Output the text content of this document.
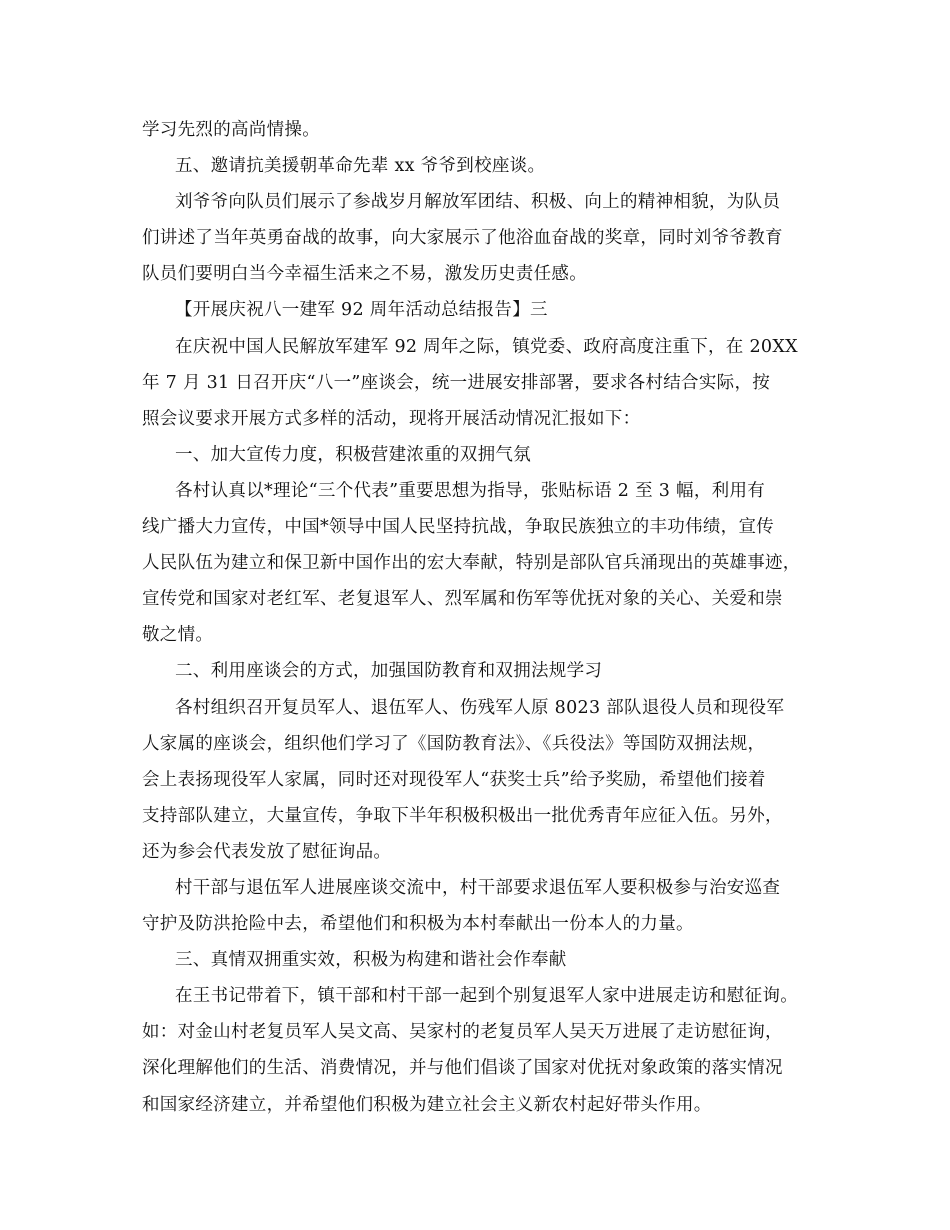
学习先烈的高尚情操。
五、邀请抗美援朝革命先辈 xx 爷爷到校座谈。
刘爷爷向队员们展示了参战岁月解放军团结、积极、向上的精神相貌，为队员
们讲述了当年英勇奋战的故事，向大家展示了他浴血奋战的奖章，同时刘爷爷教育
队员们要明白当今幸福生活来之不易，激发历史责任感。
【开展庆祝八一建军 92 周年活动总结报告】三
在庆祝中国人民解放军建军 92 周年之际，镇党委、政府高度注重下，在 20XX
年 7 月 31 日召开庆“八一”座谈会，统一进展安排部署，要求各村结合实际，按
照会议要求开展方式多样的活动，现将开展活动情况汇报如下：
一、加大宣传力度，积极营建浓重的双拥气氛
各村认真以*理论“三个代表”重要思想为指导，张贴标语 2 至 3 幅，利用有
线广播大力宣传，中国*领导中国人民坚持抗战，争取民族独立的丰功伟绩，宣传
人民队伍为建立和保卫新中国作出的宏大奉献，特别是部队官兵涌现出的英雄事迹，
宣传党和国家对老红军、老复退军人、烈军属和伤军等优抚对象的关心、关爱和崇
敬之情。
二、利用座谈会的方式，加强国防教育和双拥法规学习
各村组织召开复员军人、退伍军人、伤残军人原 8023 部队退役人员和现役军
人家属的座谈会，组织他们学习了《国防教育法》、《兵役法》等国防双拥法规，
会上表扬现役军人家属，同时还对现役军人“获奖士兵”给予奖励，希望他们接着
支持部队建立，大量宣传，争取下半年积极积极出一批优秀青年应征入伍。另外，
还为参会代表发放了慰征询品。
村干部与退伍军人进展座谈交流中，村干部要求退伍军人要积极参与治安巡查
守护及防洪抢险中去，希望他们和积极为本村奉献出一份本人的力量。
三、真情双拥重实效，积极为构建和谐社会作奉献
在王书记带着下，镇干部和村干部一起到个别复退军人家中进展走访和慰征询。
如：对金山村老复员军人吴文高、吴家村的老复员军人吴天万进展了走访慰征询，
深化理解他们的生活、消费情况，并与他们倡谈了国家对优抚对象政策的落实情况
和国家经济建立，并希望他们积极为建立社会主义新农村起好带头作用。
